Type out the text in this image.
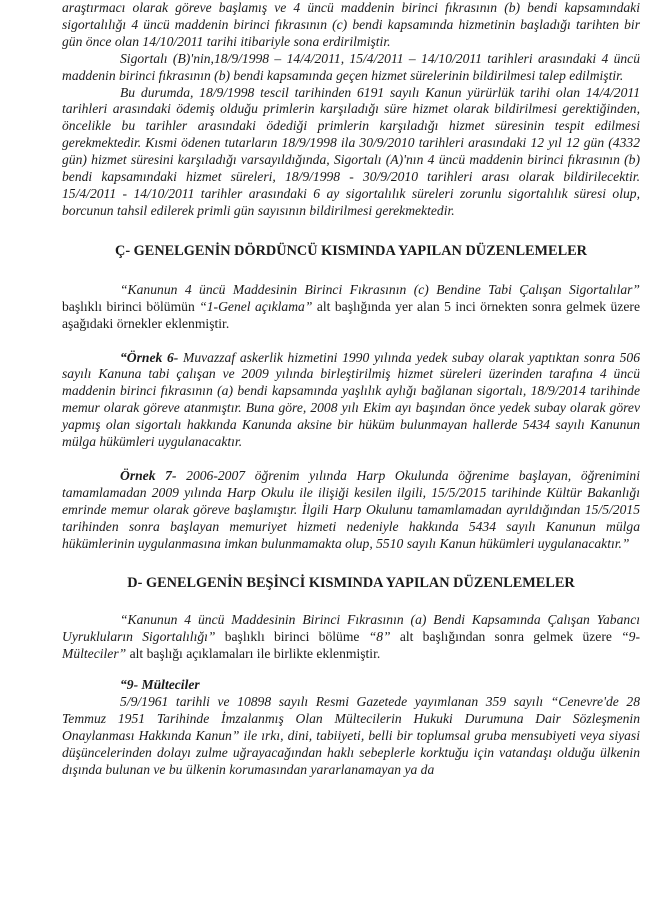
araştırmacı olarak göreve başlamış ve 4 üncü maddenin birinci fıkrasının (b) bendi kapsamındaki sigortalılığı 4 üncü maddenin birinci fıkrasının (c) bendi kapsamında hizmetinin başladığı tarihten bir gün önce olan 14/10/2011 tarihi itibariyle sona erdirilmiştir.

Sigortalı (B)'nin,18/9/1998 – 14/4/2011, 15/4/2011 – 14/10/2011 tarihleri arasındaki 4 üncü maddenin birinci fıkrasının (b) bendi kapsamında geçen hizmet sürelerinin bildirilmesi talep edilmiştir.

Bu durumda, 18/9/1998 tescil tarihinden 6191 sayılı Kanun yürürlük tarihi olan 14/4/2011 tarihleri arasındaki ödemiş olduğu primlerin karşıladığı süre hizmet olarak bildirilmesi gerektiğinden, öncelikle bu tarihler arasındaki ödediği primlerin karşıladığı hizmet süresinin tespit edilmesi gerekmektedir. Kısmi ödenen tutarların 18/9/1998 ila 30/9/2010 tarihleri arasındaki 12 yıl 12 gün (4332 gün) hizmet süresini karşıladığı varsayıldığında, Sigortalı (A)'nın 4 üncü maddenin birinci fıkrasının (b) bendi kapsamındaki hizmet süreleri, 18/9/1998 - 30/9/2010 tarihleri arası olarak bildirilecektir. 15/4/2011 - 14/10/2011 tarihler arasındaki 6 ay sigortalılık süreleri zorunlu sigortalılık süresi olup, borcunun tahsil edilerek primli gün sayısının bildirilmesi gerekmektedir.

Ç- GENELGENİN DÖRDÜNCÜ KISMINDA YAPILAN DÜZENLEMELER

“Kanunun 4 üncü Maddesinin Birinci Fıkrasının (c) Bendine Tabi Çalışan Sigortalılar” başlıklı birinci bölümün “1-Genel açıklama” alt başlığında yer alan 5 inci örnekten sonra gelmek üzere aşağıdaki örnekler eklenmiştir.

“Örnek 6- Muvazzaf askerlik hizmetini 1990 yılında yedek subay olarak yaptıktan sonra 506 sayılı Kanuna tabi çalışan ve 2009 yılında birleştirilmiş hizmet süreleri üzerinden tarafına 4 üncü maddenin birinci fıkrasının (a) bendi kapsamında yaşlılık aylığı bağlanan sigortalı, 18/9/2014 tarihinde memur olarak göreve atanmıştır. Buna göre, 2008 yılı Ekim ayı başından önce yedek subay olarak görev yapmış olan sigortalı hakkında Kanunda aksine bir hüküm bulunmayan hallerde 5434 sayılı Kanunun mülga hükümleri uygulanacaktır.

Örnek 7- 2006-2007 öğrenim yılında Harp Okulunda öğrenime başlayan, öğrenimini tamamlamadan 2009 yılında Harp Okulu ile ilişiği kesilen ilgili, 15/5/2015 tarihinde Kültür Bakanlığı emrinde memur olarak göreve başlamıştır. İlgili Harp Okulunu tamamlamadan ayrıldığından 15/5/2015 tarihinden sonra başlayan memuriyet hizmeti nedeniyle hakkında 5434 sayılı Kanunun mülga hükümlerinin uygulanmasına imkan bulunmamakta olup, 5510 sayılı Kanun hükümleri uygulanacaktır.”

D- GENELGENİN BEŞİNCİ KISMINDA YAPILAN DÜZENLEMELER

“Kanunun 4 üncü Maddesinin Birinci Fıkrasının (a) Bendi Kapsamında Çalışan Yabancı Uyrukluların Sigortalılığı” başlıklı birinci bölüme “8” alt başlığından sonra gelmek üzere “9-Mülteciler” alt başlığı açıklamaları ile birlikte eklenmiştir.

“9- Mülteciler

5/9/1961 tarihli ve 10898 sayılı Resmi Gazetede yayımlanan 359 sayılı “Cenevre'de 28 Temmuz 1951 Tarihinde İmzalanmış Olan Mültecilerin Hukuki Durumuna Dair Sözleşmenin Onaylanması Hakkında Kanun” ile ırkı, dini, tabiiyeti, belli bir toplumsal gruba mensubiyeti veya siyasi düşüncelerinden dolayı zulme uğrayacağından haklı sebeplerle korktuğu için vatandaşı olduğu ülkenin dışında bulunan ve bu ülkenin korumasından yararlanamayan ya da
